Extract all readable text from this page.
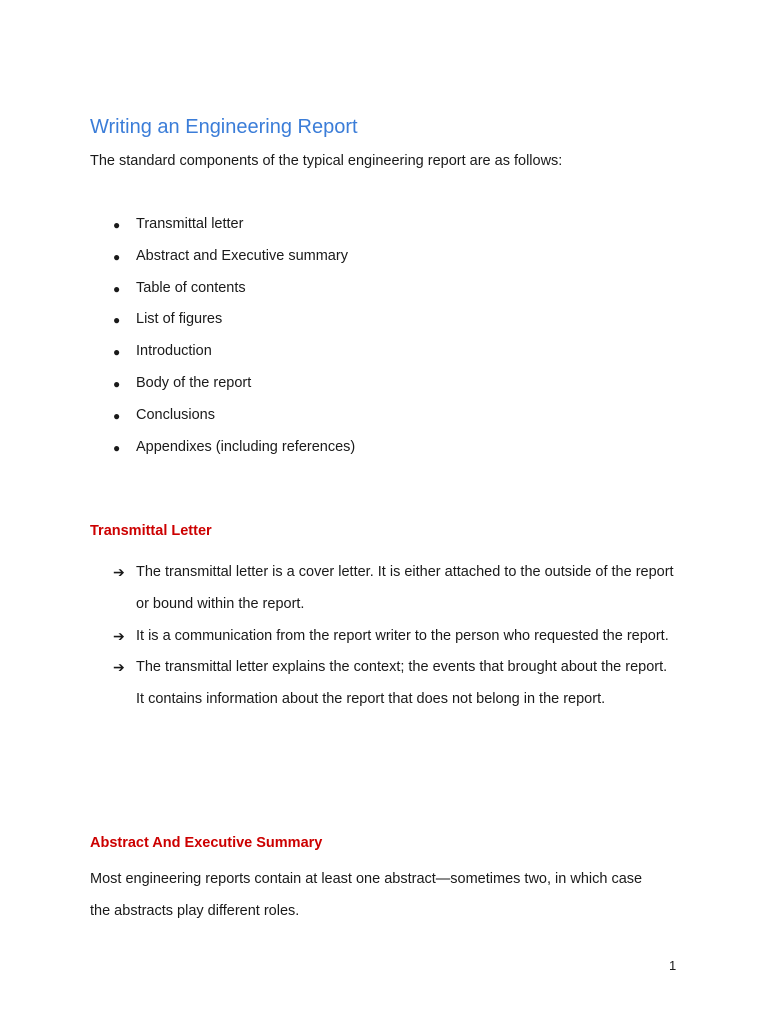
Writing an Engineering Report

The standard components of the typical engineering report are as follows:

● Transmittal letter
● Abstract and Executive summary
● Table of contents
● List of figures
● Introduction
● Body of the report
● Conclusions
● Appendixes (including references)
Transmittal Letter
➔ The transmittal letter is a cover letter. It is either attached to the outside of the report or bound within the report.
➔ It is a communication from the report writer to the person who requested the report.
➔ The transmittal letter explains the context; the events that brought about the report. It contains information about the report that does not belong in the report.
Abstract And Executive Summary

Most engineering reports contain at least one abstract—sometimes two, in which case the abstracts play different roles.

1
